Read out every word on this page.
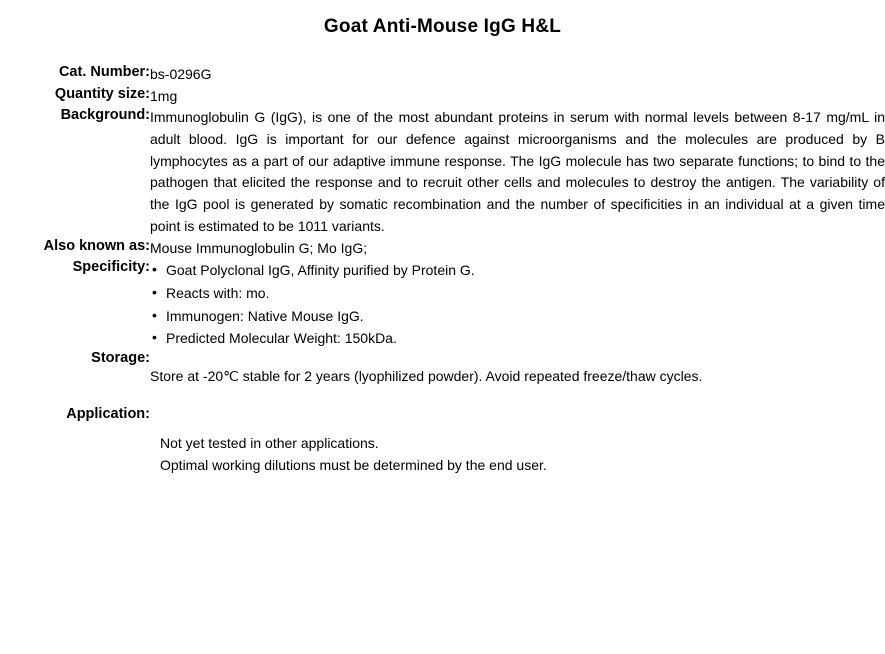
Goat Anti-Mouse IgG H&L
Cat. Number:	bs-0296G
Quantity size:	1mg
Background:	Immunoglobulin G (IgG), is one of the most abundant proteins in serum with normal levels between 8-17 mg/mL in adult blood. IgG is important for our defence against microorganisms and the molecules are produced by B lymphocytes as a part of our adaptive immune response. The IgG molecule has two separate functions; to bind to the pathogen that elicited the response and to recruit other cells and molecules to destroy the antigen. The variability of the IgG pool is generated by somatic recombination and the number of specificities in an individual at a given time point is estimated to be 1011 variants.
Also known as:	Mouse Immunoglobulin G; Mo IgG;
Specificity:	
•Goat Polyclonal IgG, Affinity purified by Protein G.
• Reacts with: mo.
• Immunogen: Native Mouse IgG.
• Predicted Molecular Weight: 150kDa.

Storage:	Store at -20℃ stable for 2 years (lyophilized powder). Avoid repeated freeze/thaw cycles.
Application:	
Not yet tested in other applications.
Optimal working dilutions must be determined by the end user.
